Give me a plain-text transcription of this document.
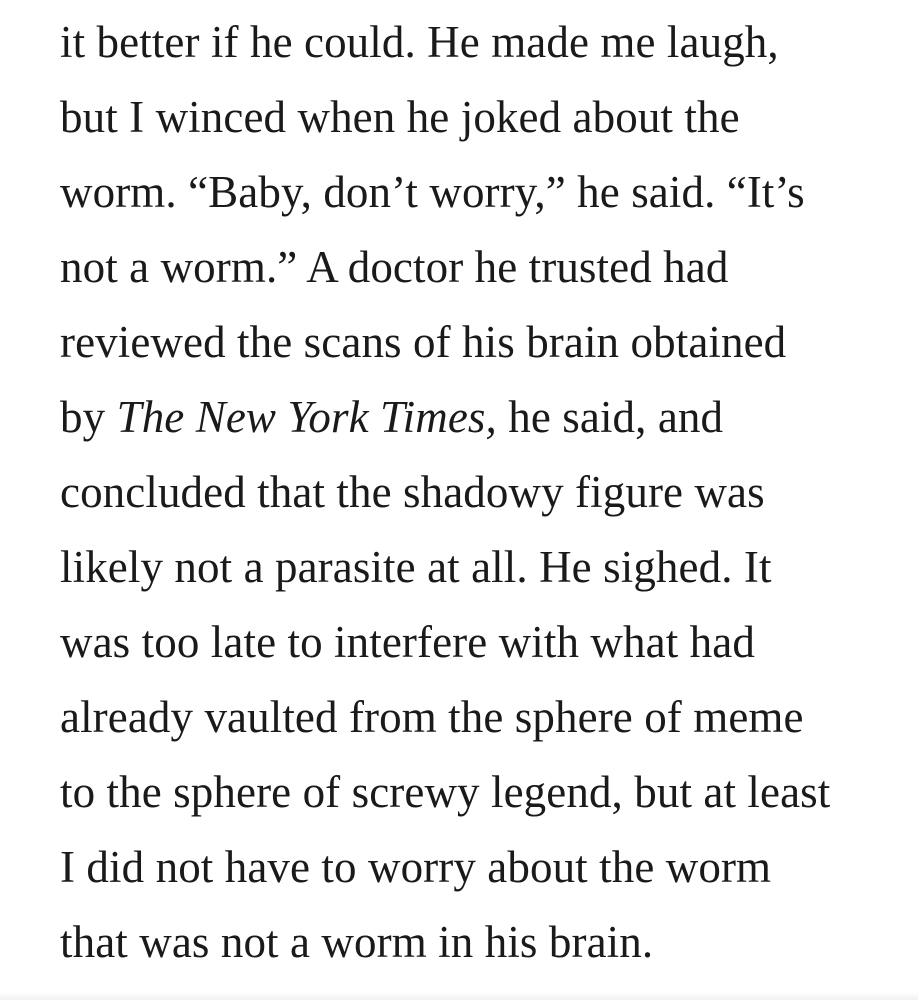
it better if he could. He made me laugh,

but I winced when he joked about the

worm. “Baby, don’t worry,” he said. “It’s

not a worm.” A doctor he trusted had

reviewed the scans of his brain obtained

by The New York Times, he said, and

concluded that the shadowy figure was

likely not a parasite at all. He sighed. It

was too late to interfere with what had

already vaulted from the sphere of meme

to the sphere of screwy legend, but at least

I did not have to worry about the worm

that was not a worm in his brain.
